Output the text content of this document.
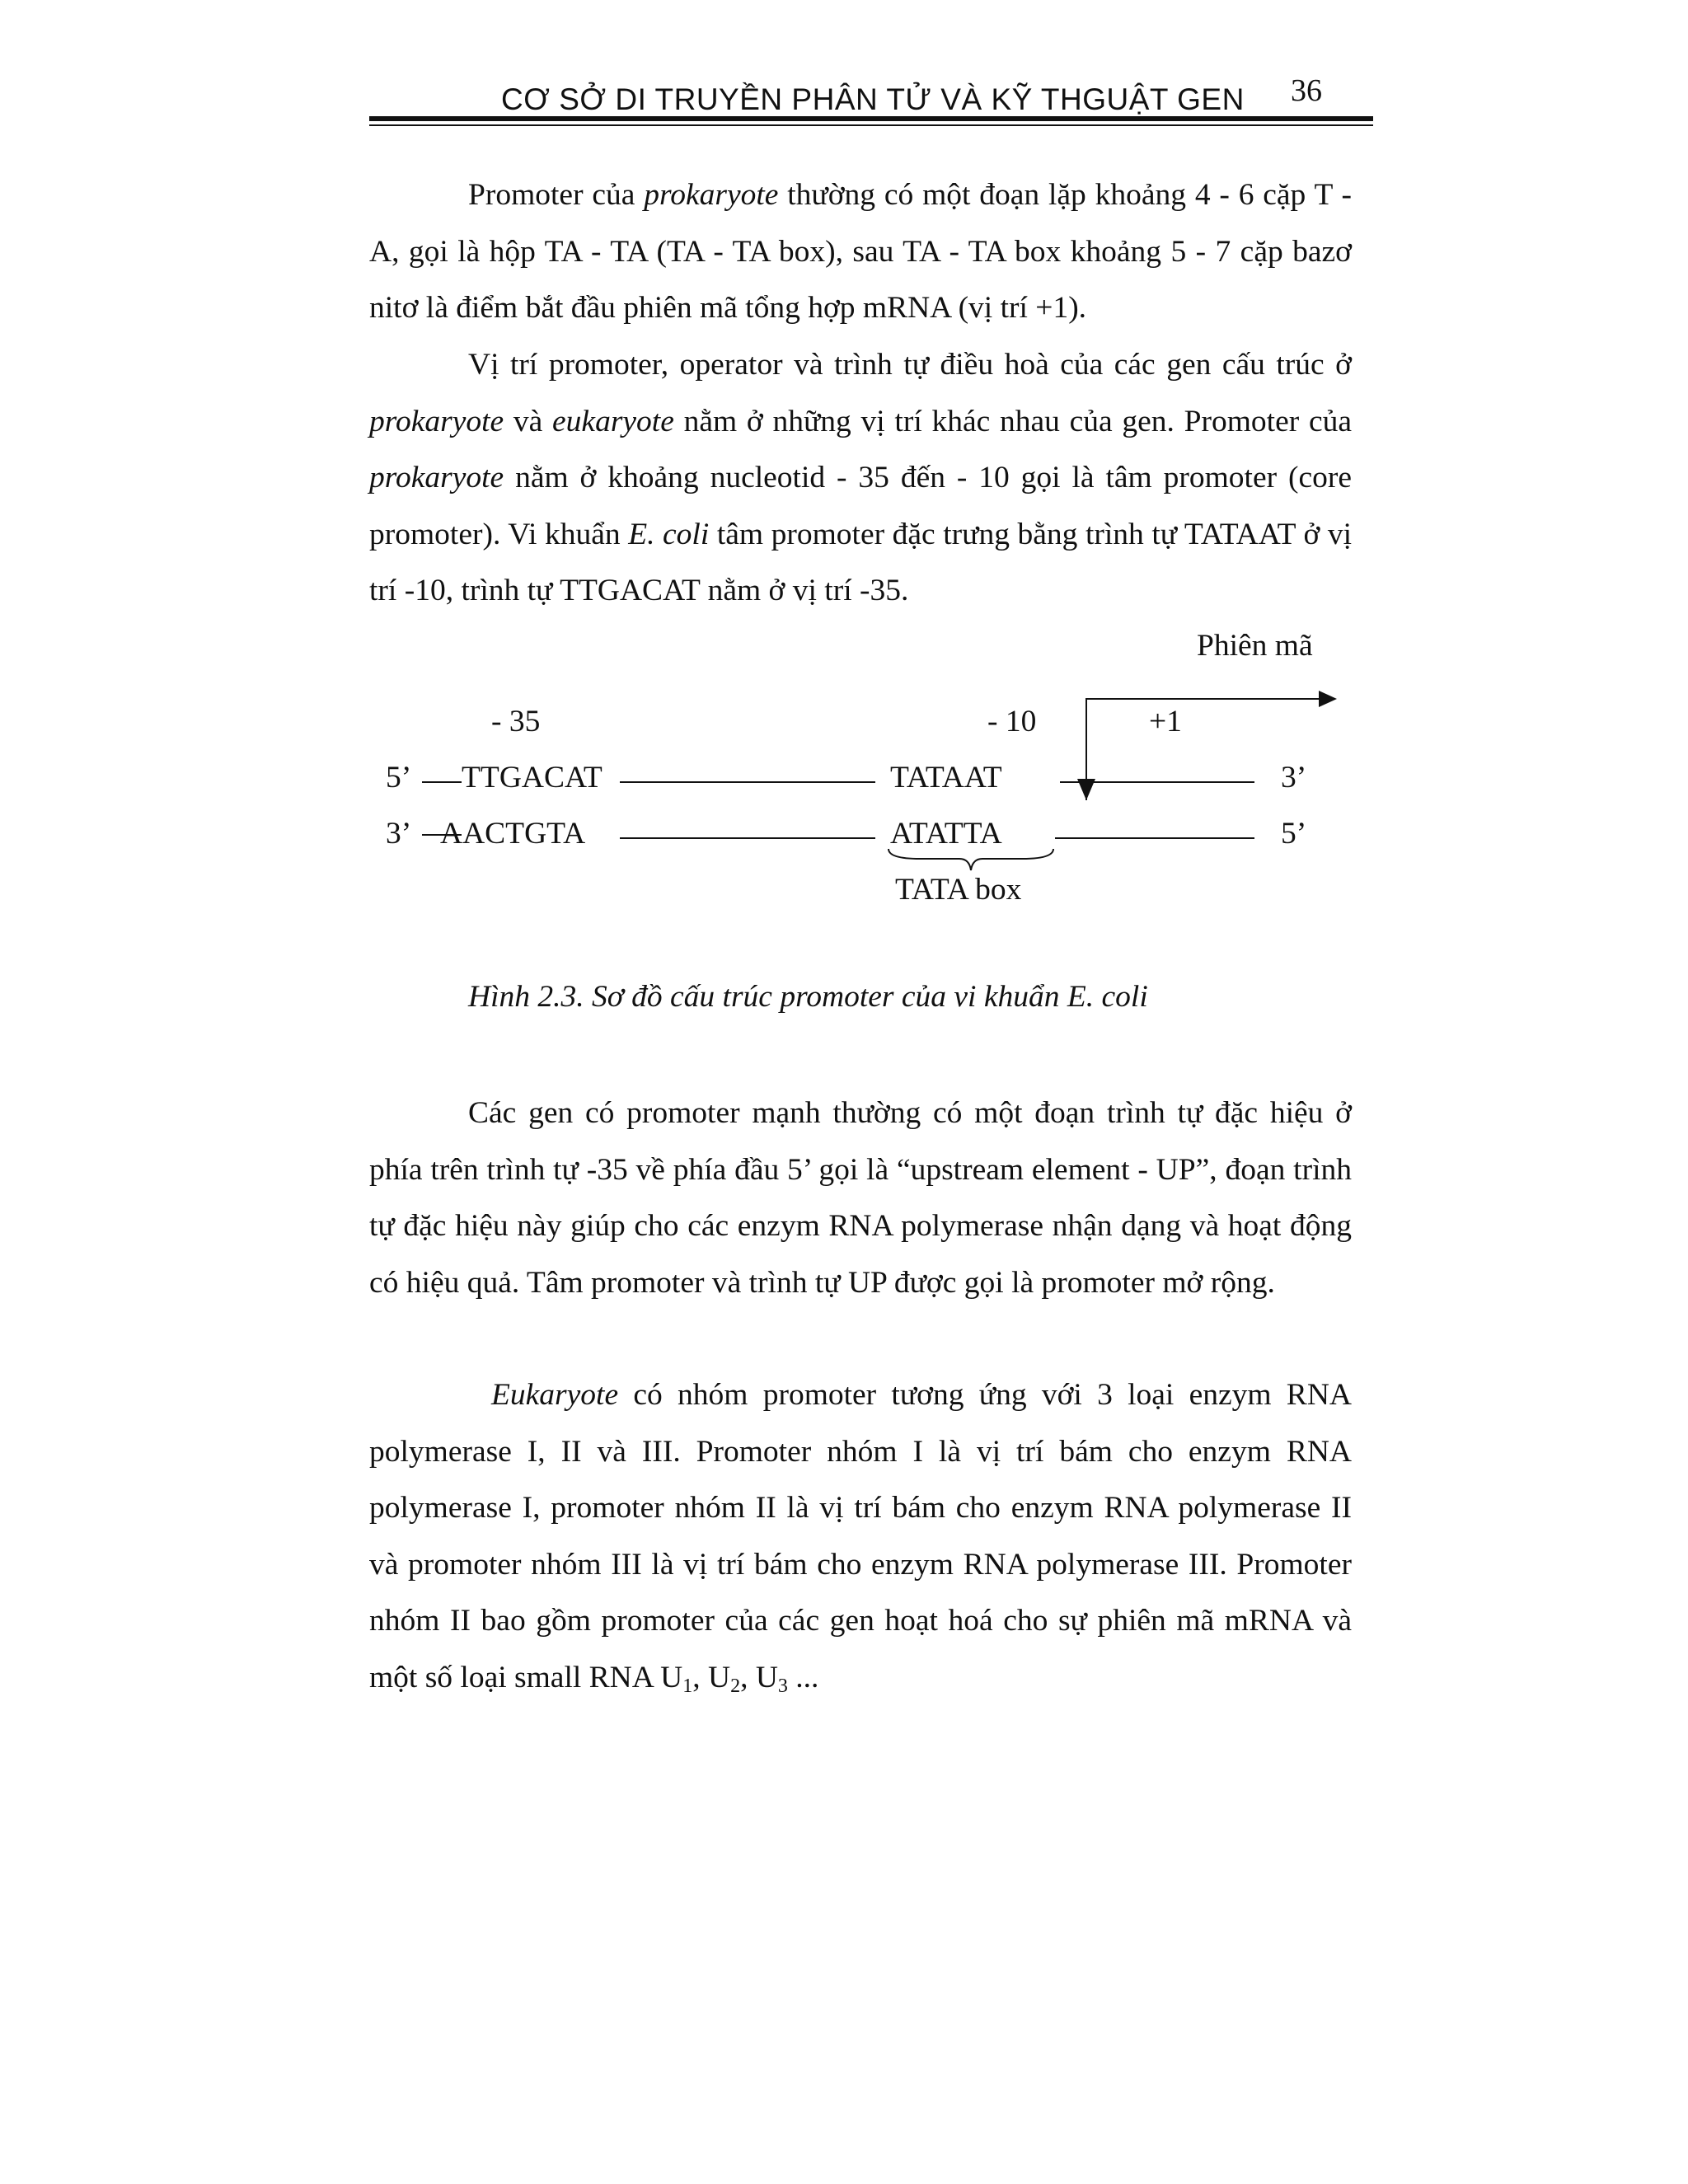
CƠ SỞ DI TRUYỀN PHÂN TỬ VÀ KỸ THGUẬT GEN 36

Promoter của prokaryote thường có một đoạn lặp khoảng 4 - 6 cặp T - A, gọi là hộp TA - TA (TA - TA box), sau TA - TA box khoảng 5 - 7 cặp bazơ nitơ là điểm bắt đầu phiên mã tổng hợp mRNA (vị trí +1).

Vị trí promoter, operator và trình tự điều hoà của các gen cấu trúc ở prokaryote và eukaryote nằm ở những vị trí khác nhau của gen. Promoter của prokaryote nằm ở khoảng nucleotid - 35 đến - 10 gọi là tâm promoter (core promoter). Vi khuẩn E. coli tâm promoter đặc trưng bằng trình tự TATAAT ở vị trí -10, trình tự TTGACAT nằm ở vị trí -35.

Phiên mã
- 35	- 10	+1
5’ TTGACAT	TATAAT	3’
3’ AACTGTA	ATATTA	5’
TATA box
Hình 2.3. Sơ đồ cấu trúc promoter của vi khuẩn E. coli

Các gen có promoter mạnh thường có một đoạn trình tự đặc hiệu ở phía trên trình tự -35 về phía đầu 5’ gọi là “upstream element - UP”, đoạn trình tự đặc hiệu này giúp cho các enzym RNA polymerase nhận dạng và hoạt động có hiệu quả. Tâm promoter và trình tự UP được gọi là promoter mở rộng.

Eukaryote có nhóm promoter tương ứng với 3 loại enzym RNA polymerase I, II và III. Promoter nhóm I là vị trí bám cho enzym RNA polymerase I, promoter nhóm II là vị trí bám cho enzym RNA polymerase II và promoter nhóm III là vị trí bám cho enzym RNA polymerase III. Promoter nhóm II bao gồm promoter của các gen hoạt hoá cho sự phiên mã mRNA và một số loại small RNA $U_1$, $U_2$, $U_3$ ...
